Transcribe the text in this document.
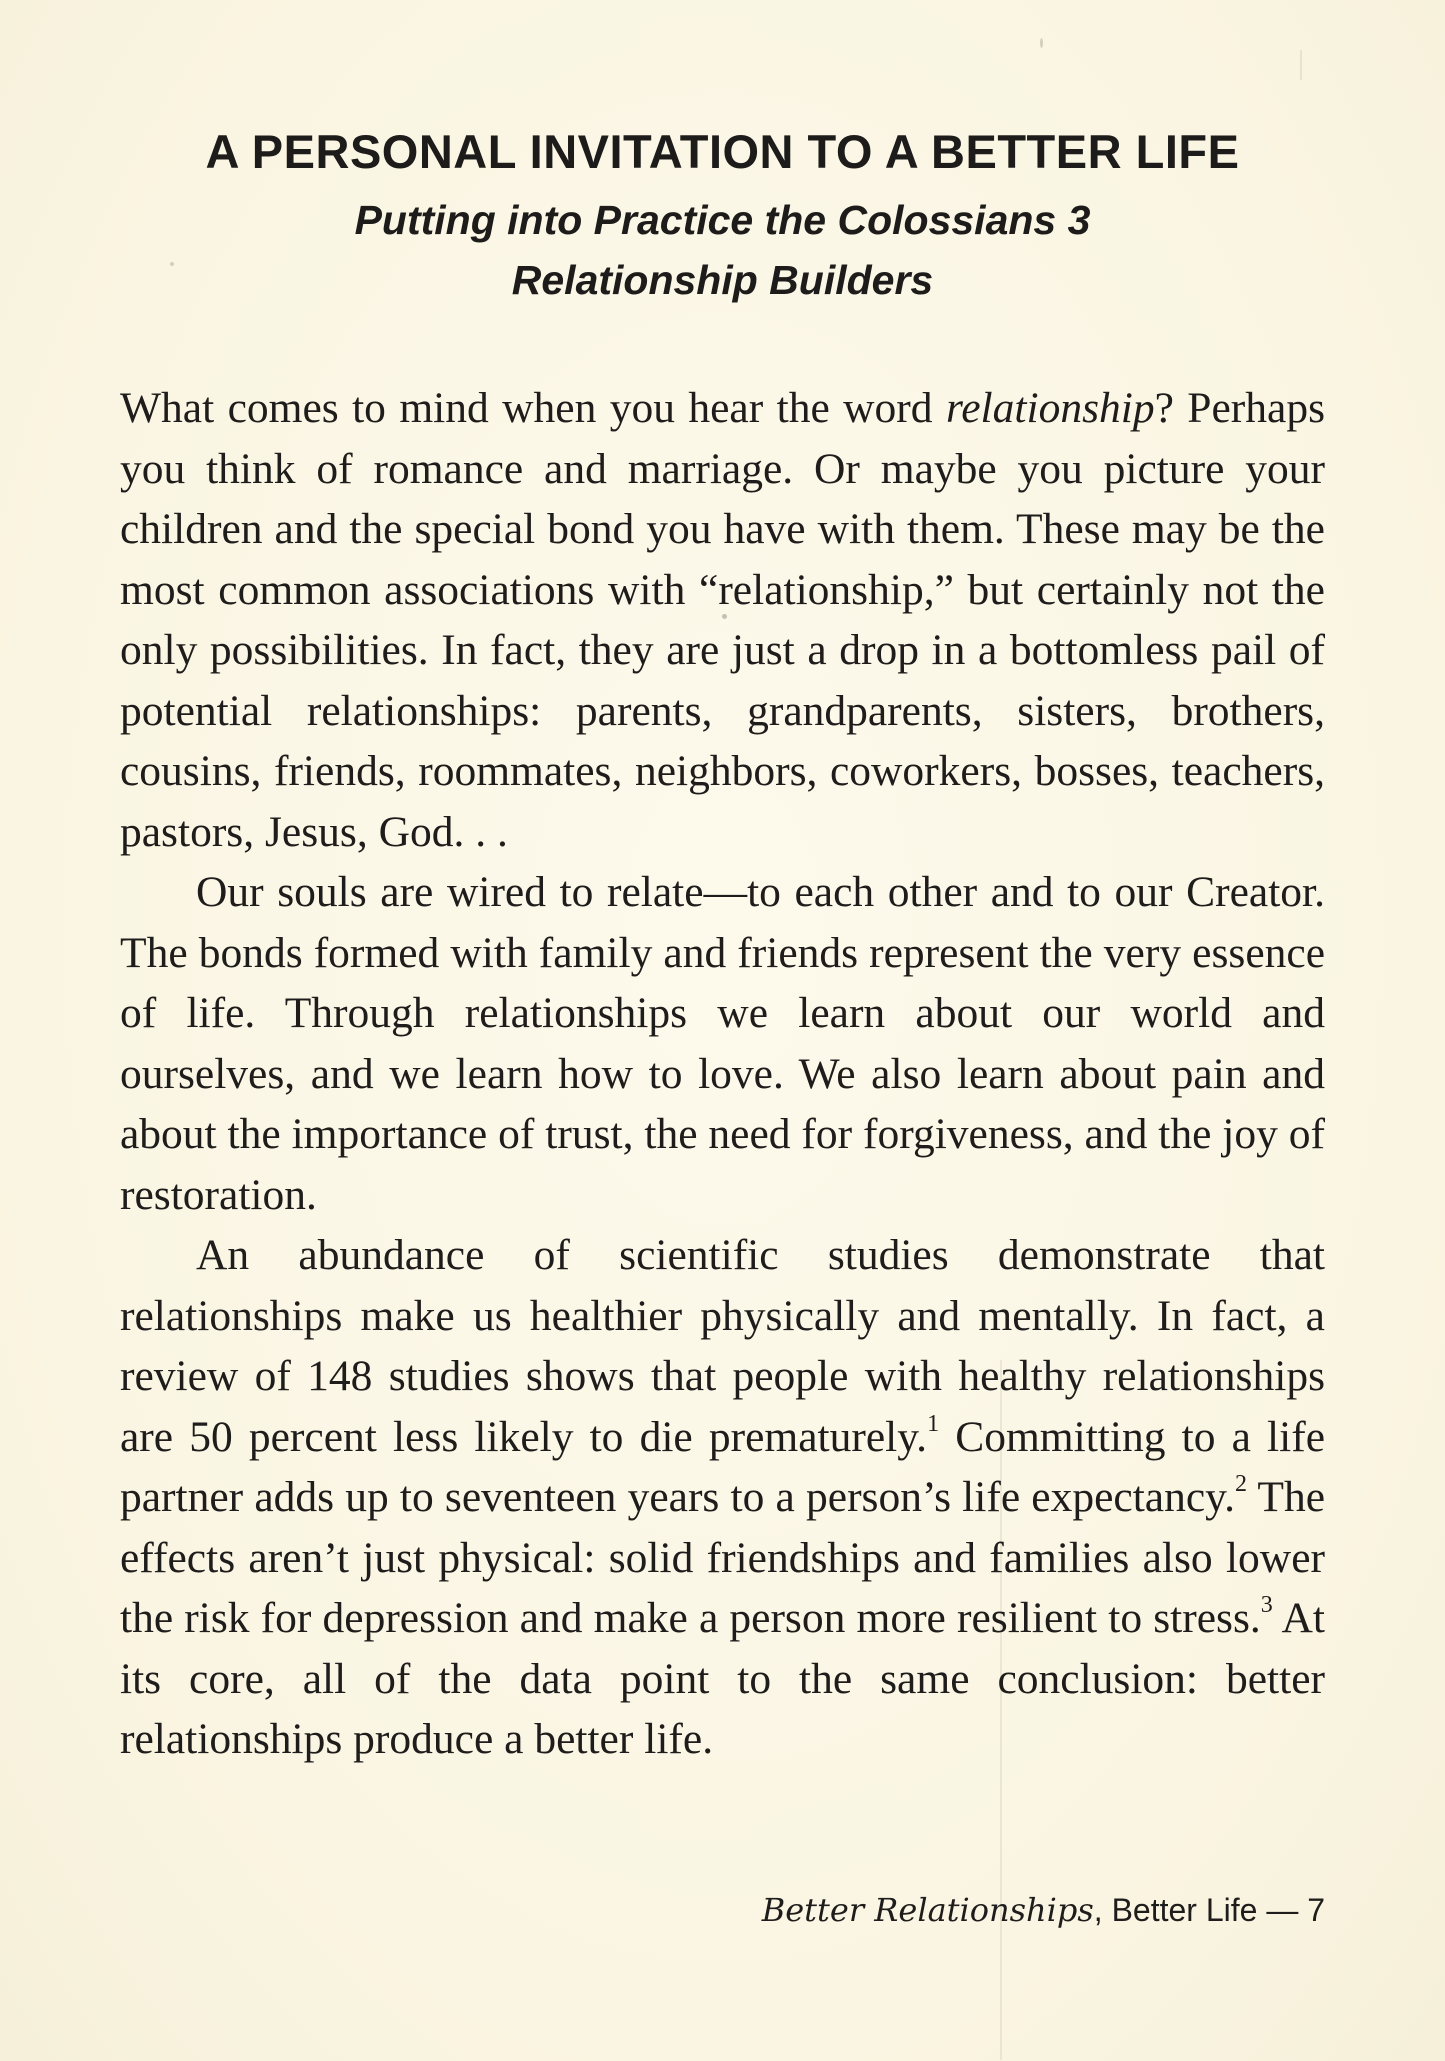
A PERSONAL INVITATION TO A BETTER LIFE

Putting into Practice the Colossians 3
Relationship Builders

What comes to mind when you hear the word relationship? Perhaps you think of romance and marriage. Or maybe you picture your children and the special bond you have with them. These may be the most common associations with “relationship,” but certainly not the only possibilities. In fact, they are just a drop in a bottomless pail of potential relationships: parents, grandparents, sisters, brothers, cousins, friends, roommates, neighbors, coworkers, bosses, teachers, pastors, Jesus, God. . .

Our souls are wired to relate—to each other and to our Creator. The bonds formed with family and friends represent the very essence of life. Through relationships we learn about our world and ourselves, and we learn how to love. We also learn about pain and about the importance of trust, the need for forgiveness, and the joy of restoration.

An abundance of scientific studies demonstrate that relationships make us healthier physically and mentally. In fact, a review of 148 studies shows that people with healthy relationships are 50 percent less likely to die prematurely.$^1$ Committing to a life partner adds up to seventeen years to a person’s life expectancy.$^2$ The effects aren’t just physical: solid friendships and families also lower the risk for depression and make a person more resilient to stress.$^3$ At its core, all of the data point to the same conclusion: better relationships produce a better life.

Better Relationships, Better Life — 7
